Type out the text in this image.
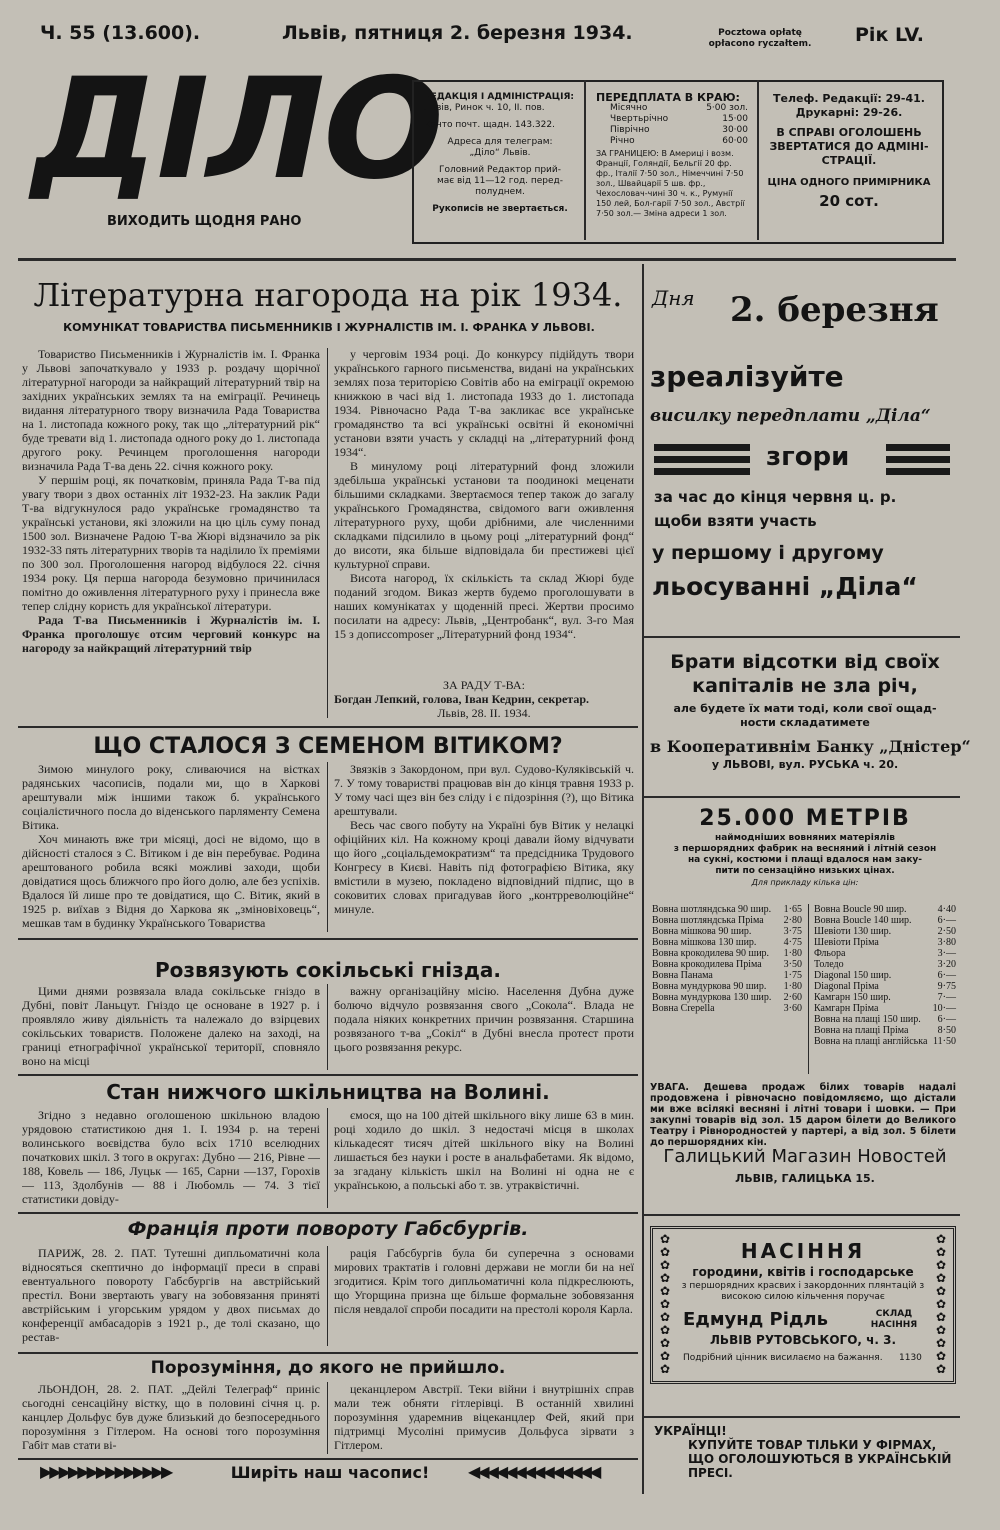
Ч. 55 (13.600).	Львів, пятниця 2. березня 1934.	Pocztowa opłatę
opłacono ryczałtem.	Рік LV.
ДІЛО
ВИХОДИТЬ ЩОДНЯ РАНО
РЕДАКЦІЯ І АДМІНІСТРАЦІЯ:
Львів, Ринок ч. 10, II. пов.
Конто почт. щадн. 143.322.
Адреса для телеграм:
„Діло“ Львів.
Головний Редактор прий-
має від 11—12 год. перед-
полуднем.
Рукописів не звертається.
ПЕРЕДПЛАТА В КРАЮ:
Місячно	5·00 зол.
Чвертьрічно	15·00
Піврічно	30·00
Річно	60·00
ЗА ГРАНИЦЕЮ: В Америці і возм. Франції, Голяндії, Бельгії 20 фр. фр., Італії 7·50 зол., Німеччині 7·50 зол., Швайцарії 5 шв. фр., Чехословач-чині 30 ч. к., Румунії 150 лей, Бол-гарії 7·50 зол., Австрії 7·50 зол.— Зміна адреси 1 зол.
Телеф. Редакції: 29-41.
Друкарні: 29-26.
В СПРАВІ ОГОЛОШЕНЬ
ЗВЕРТАТИСЯ ДО АДМІНІ-
СТРАЦІЇ.
ЦІНА ОДНОГО ПРИМІРНИКА
20 сот.
Літературна нагорода на рік 1934.
КОМУНІКАТ ТОВАРИСТВА ПИСЬМЕННИКІВ І ЖУРНАЛІСТІВ ІМ. І. ФРАНКА У ЛЬВОВІ.

Товариство Письменників і Журналістів ім. І. Франка у Львові започаткувало у 1933 р. роздачу щорічної літературної нагороди за найкращий літературний твір на західних українських землях та на еміграції. Речинець видання літературного твору визначила Рада Товариства на 1. листопада кожного року, так що „літературний рік“ буде тревати від 1. листопада одного року до 1. листопада другого року. Речинцем проголошення нагороди визначила Рада Т-ва день 22. січня кожного року.

У першім році, як початковім, приняла Рада Т-ва під увагу твори з двох останніх літ 1932-23. На заклик Ради Т-ва відгукнулося радо українське громадянство та українські установи, які зложили на цю ціль суму понад 1500 зол. Визначене Радою Т-ва Жюрі відзначило за рік 1932-33 пять літературних творів та наділило їх преміями по 300 зол. Проголошення нагород відбулося 22. січня 1934 року. Ця перша нагорода безумовно причинилася помітно до оживлення літературного руху і принесла вже тепер слідну користь для української літератури.

Рада Т-ва Письменників і Журналістів ім. І. Франка проголошує отсим черговий конкурс на нагороду за найкращий літературний твір

у черговім 1934 році. До конкурсу підійдуть твори українського гарного письменства, видані на українських землях поза територією Совітів або на еміграції окремою книжкою в часі від 1. листопада 1933 до 1. листопада 1934. Рівночасно Рада Т-ва закликає все українське громадянство та всі українські освітні й економічні установи взяти участь у складці на „літературний фонд 1934“.

В минулому році літературний фонд зложили здебільша українські установи та поодинокі меценати більшими складками. Звертаємося тепер також до загалу українського Громадянства, свідомого ваги оживлення літературного руху, щоби дрібними, але численними складками підсилило в цьому році „літературний фонд“ до висоти, яка більше відповідала би престижеві цієї культурної справи.

Висота нагород, їх скількість та склад Жюрі буде поданий згодом. Виказ жертв будемо проголошувати в наших комунікатах у щоденній пресі. Жертви просимо посилати на адресу: Львів, „Центробанк“, вул. 3-го Мая 15 з дописcomposer „Літературний фонд 1934“.

ЗА РАДУ Т-ВА:
Богдан Лепкий, голова, Іван Кедрин, секретар.
Львів, 28. II. 1934.
ЩО СТАЛОСЯ З СЕМЕНОМ ВІТИКОМ?

Зимою минулого року, сливаючися на вістках радянських часописів, подали ми, що в Харкові арештували між іншими також б. українського соціалістичного посла до віденського парляменту Семена Вітика.

Хоч минають вже три місяці, досі не відомо, що в дійсності сталося з С. Вітиком і де він перебуває. Родина арештованого робила всякі можливі заходи, щоби довідатися щось ближчого про його долю, але без успіхів. Вдалося їй лише про те довідатися, що С. Вітик, який в 1925 р. виїхав з Відня до Харкова як „зміновіховець“, мешкав там в будинку Українського Товариства

Звязків з Закордоном, при вул. Судово-Куляківській ч. 7. У тому товаристві працював він до кінця травня 1933 р. У тому часі щез він без сліду і є підозріння (?), що Вітика арештували.

Весь час свого побуту на Україні був Вітик у нелацкі офіційних кіл. На кожному кроці давали йому відчувати що його „соціальдемократизм“ та предсідника Трудового Конгресу в Києві. Навіть під фотографією Вітика, яку вмістили в музею, покладено відповідний підпис, що в соковитих словах пригадував його „контрреволюційне“ минуле.

Розвязують сокільські гнізда.

Цими днями розвязала влада сокільське гніздо в Дубні, повіт Ланьцут. Гніздо це основане в 1927 р. і проявляло живу діяльність та належало до взірцевих сокільських товариств. Положене далеко на заході, на границі етнографічної української території, сповняло воно на місці

важну організаційну місію. Населення Дубна дуже болючо відчуло розвязання свого „Сокола“. Влада не подала ніяких конкретних причин розвязання. Старшина розвязаного т-ва „Сокіл“ в Дубні внесла протест проти цього розвязання рекурс.

Стан нижчого шкільництва на Волині.

Згідно з недавно оголошеною шкільною владою урядовою статистикою дня 1. I. 1934 р. на терені волинського воєвідства було всіх 1710 вселюдних початкових шкіл. З того в округах: Дубно — 216, Рівне — 188, Ковель — 186, Луцьк — 165, Сарни —137, Горохів — 113, Здолбунів — 88 і Любомль — 74. З тієї статистики довіду-

ємося, що на 100 дітей шкільного віку лише 63 в мин. році ходило до шкіл. З недостачі місця в школах кількадесят тисяч дітей шкільного віку на Волині лишається без науки і росте в анальфабетами. Як відомо, за згадану кількість шкіл на Волині ні одна не є українською, а польські або т. зв. утраквістичні.

Франція проти повороту Габсбургів.

ПАРИЖ, 28. 2. ПАТ. Тутешні дипльоматичні кола відносяться скептично до інформації преси в справі евентуального повороту Габсбургів на австрійський престіл. Вони звертають увагу на зобовязання принятi австрійським і угорським урядом у двох письмах до конференції амбасадорів з 1921 р., де толі сказано, що рестав-

рація Габсбургів була би суперечна з основами мирових трактатів і головні держави не могли би на неї згодитися. Крім того дипльоматичні кола підкреслюють, що Угорщина призна ще більше формальне зобовязання після невдалої спроби посадити на престолі короля Карла.

Порозуміння, до якого не прийшло.

ЛЬОНДОН, 28. 2. ПАТ. „Дейлі Телеграф“ приніс сьогодні сенсаційну вістку, що в половині січня ц. р. канцлер Дольфус був дуже близький до безпосереднього порозуміння з Гітлером. На основі того порозуміння Габіт мав стати ві-

цеканцлером Австрії. Теки війни і внутрішніх справ мали теж обняти гітлерівці. В останній хвилині порозуміння ударемнив віцеканцлер Фей, який при підтримці Мусоліні примусив Дольфуса зірвати з Гітлером.

▶▶▶▶▶▶▶▶▶▶▶▶▶▶	Ширіть наш часопис!	◀◀◀◀◀◀◀◀◀◀◀◀◀◀
Дня 2. березня
зреалізуйте
висилку передплати „Діла“
згори
за час до кінця червня ц. р.
щоби взяти участь
у першому і другому
льосуванні „Діла“
Брати відсотки від своїх
капіталів не зла річ,
але будете їх мати тоді, коли свої ощад-
ности складатимете
в Кооперативнім Банку „Дністер“
у ЛЬВОВІ, вул. РУСЬКА ч. 20.
25.000 МЕТРІВ
наймодніших вовняних матеріялів
з першорядних фабрик на весняний і літній сезон
на сукні, костюми і плащі вдалося нам заку-
пити по сензаційно низьких цінах.
Для прикладу кілька цін:
Вовна шотляндська 90 шир.	1·65
Вовна шотляндська Пріма	2·80
Вовна мішкова 90 шир.	3·75
Вовна мішкова 130 шир.	4·75
Вовна крокодилева 90 шир.	1·80
Вовна крокодилева Пріма	3·50
Вовна Панама	1·75
Вовна мундуркова 90 шир.	1·80
Вовна мундуркова 130 шир.	2·60
Вовна Crepella	3·60
Вовна Boucle 90 шир.	4·40
Вовна Boucle 140 шир.	6·—
Шевіоти 130 шир.	2·50
Шевіоти Пріма	3·80
Фльора	3·—
Толедо	3·20
Diagonal 150 шир.	6·—
Diagonal Пріма	9·75
Камгарн 150 шир.	7·—
Камгарн Пріма	10·—
Вовна на плащі 150 шир.	6·—
Вовна на плащі Пріма	8·50
Вовна на плащі англійська	11·50
УВАГА. Дешева продаж білих товарів надалі продовжена і рівночасно повідомляємо, що дістали ми вже всілякі весняні і літні товари і шовки. — При закупні товарів від зол. 15 даром білети до Великого Театру і Рівнородностей у партері, а від зол. 5 білети до першорядних кін.
Галицький Магазин Новостей
ЛЬВІВ, ГАЛИЦЬКА 15.
✿
✿
✿
✿
✿
✿
✿
✿
✿
✿
✿
✿
✿
✿
✿
✿
✿
✿
✿
✿
✿
✿
НАСІННЯ
городини, квітів і господарське
з першорядних красвих і закордонних плянтацій з високою силою кільчення поручає
Едмунд Рідль	СКЛАД
НАСІННЯ
ЛЬВІВ РУТОВСЬКОГО, ч. 3.
Подрібний цінник висилаємо на бажання. 1130
УКРАЇНЦІ!
КУПУЙТЕ ТОВАР ТІЛЬКИ У ФІРМАХ,
ЩО ОГОЛОШУЮТЬСЯ В УКРАЇНСЬКІЙ
ПРЕСІ.
